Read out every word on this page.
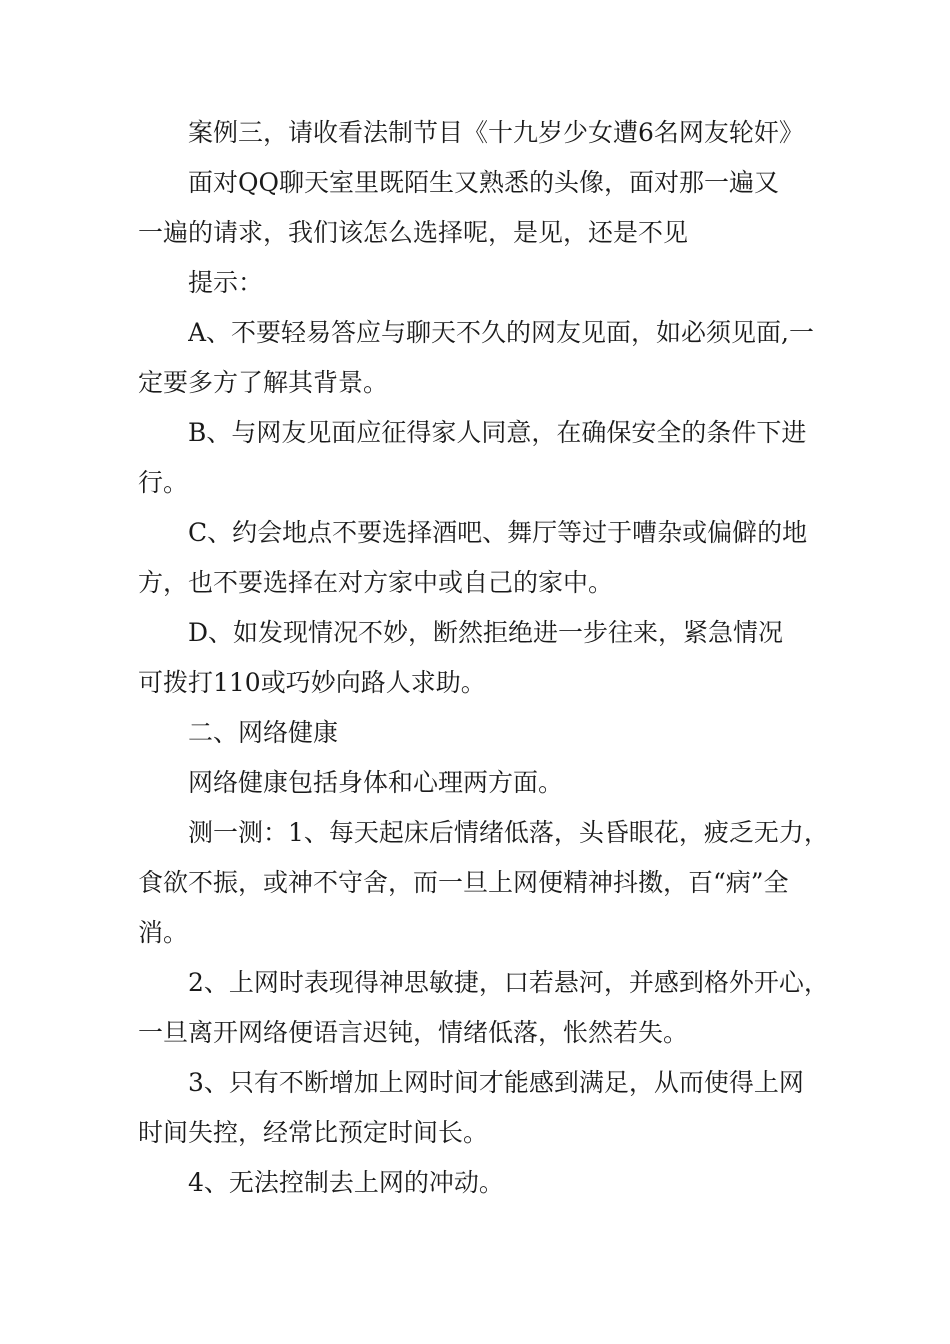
案例三，请收看法制节目《十九岁少女遭6名网友轮奸》
面对QQ聊天室里既陌生又熟悉的头像，面对那一遍又
一遍的请求，我们该怎么选择呢，是见，还是不见
提示：
A、不要轻易答应与聊天不久的网友见面，如必须见面,一
定要多方了解其背景。
B、与网友见面应征得家人同意，在确保安全的条件下进
行。
C、约会地点不要选择酒吧、舞厅等过于嘈杂或偏僻的地
方，也不要选择在对方家中或自己的家中。
D、如发现情况不妙，断然拒绝进一步往来，紧急情况
可拨打110或巧妙向路人求助。
二、网络健康
网络健康包括身体和心理两方面。
测一测：1、每天起床后情绪低落，头昏眼花，疲乏无力，
食欲不振，或神不守舍，而一旦上网便精神抖擞，百“病”全
消。
2、上网时表现得神思敏捷，口若悬河，并感到格外开心，
一旦离开网络便语言迟钝，情绪低落，怅然若失。
3、只有不断增加上网时间才能感到满足，从而使得上网
时间失控，经常比预定时间长。
4、无法控制去上网的冲动。
